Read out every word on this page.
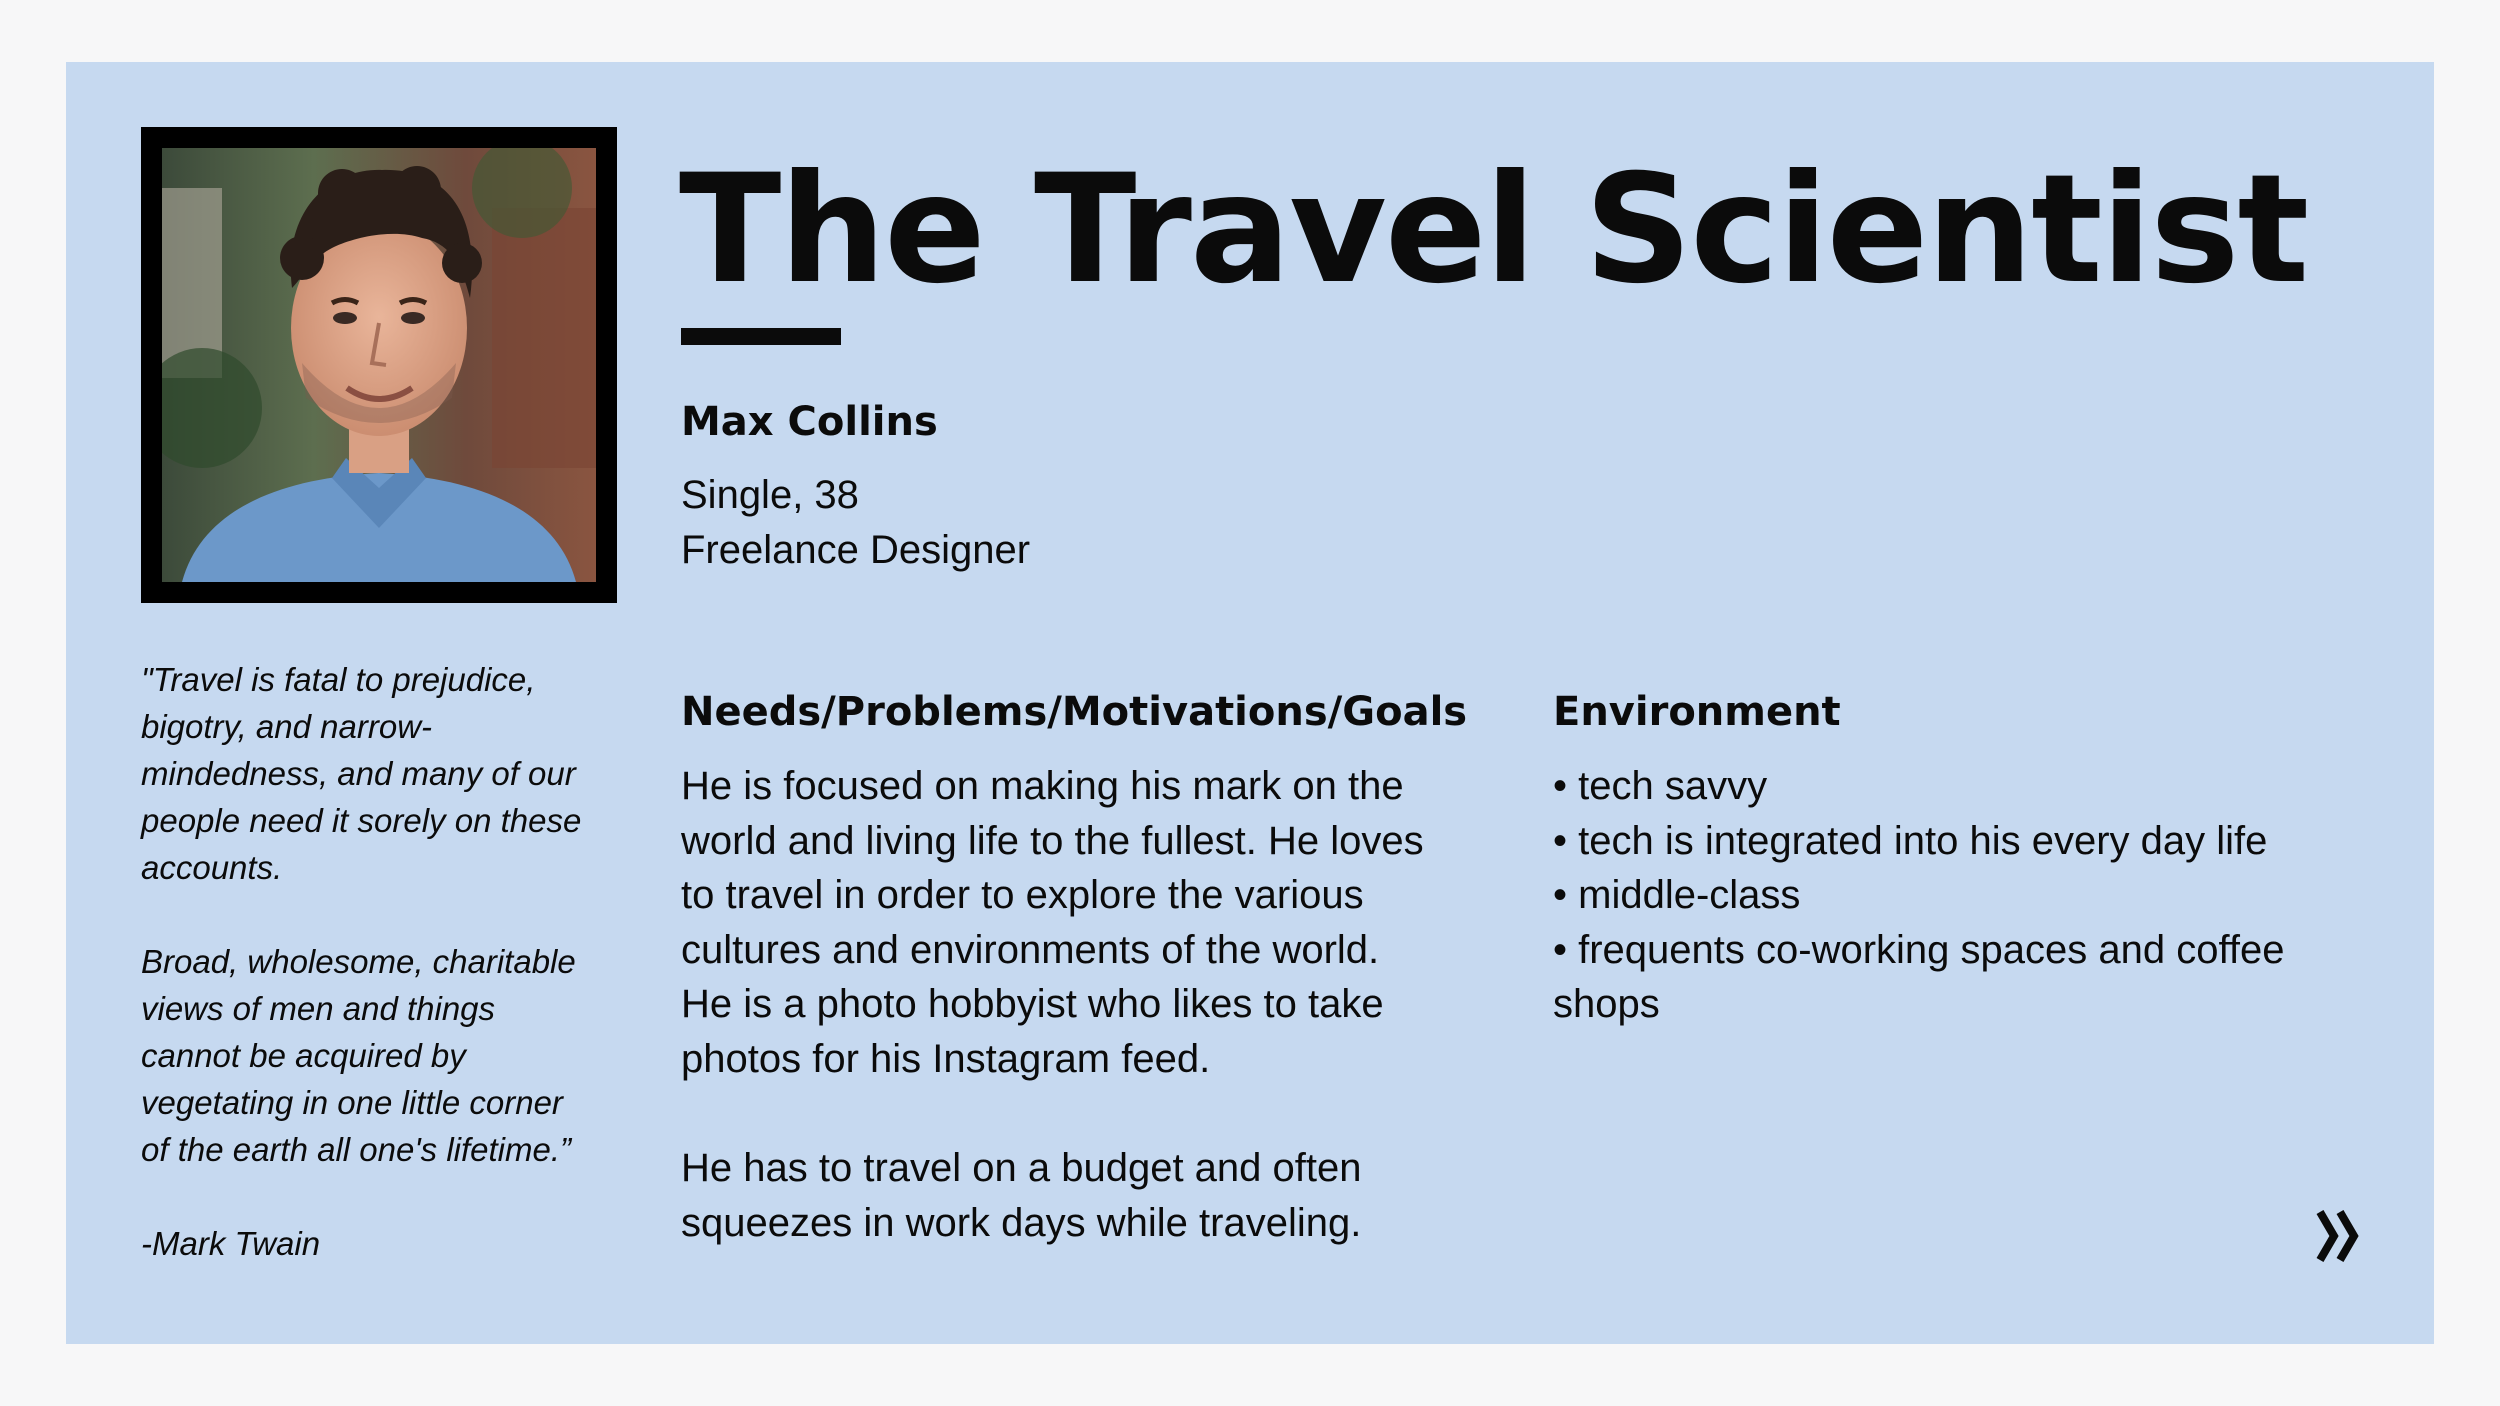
The Travel Scientist
Max Collins
Single, 38
Freelance Designer

"Travel is fatal to prejudice,

bigotry, and narrow-

mindedness, and many of our

people need it sorely on these

accounts.

Broad, wholesome, charitable

views of men and things

cannot be acquired by

vegetating in one little corner

of the earth all one's lifetime.”

-Mark Twain

Needs/Problems/Motivations/Goals

He is focused on making his mark on the

world and living life to the fullest. He loves

to travel in order to explore the various

cultures and environments of the world.

He is a photo hobbyist who likes to take

photos for his Instagram feed.

He has to travel on a budget and often

squeezes in work days while traveling.

Environment
• tech savvy
• tech is integrated into his every day life
• middle-class
• frequents co-working spaces and coffee
shops
